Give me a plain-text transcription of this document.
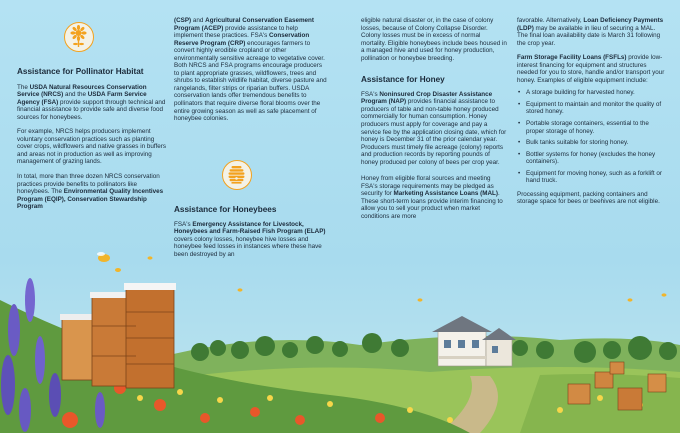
Assistance for Pollinator Habitat

The USDA Natural Resources Conservation Service (NRCS) and the USDA Farm Service Agency (FSA) provide support through technical and financial assistance to provide safe and diverse food sources for honeybees.

For example, NRCS helps producers implement voluntary conservation practices such as planting cover crops, wildflowers and native grasses in buffers and areas not in production as well as improving management of grazing lands.

In total, more than three dozen NRCS conservation practices provide benefits to pollinators like honeybees. The Environmental Quality Incentives Program (EQIP), Conservation Stewardship Program

(CSP) and Agricultural Conservation Easement Program (ACEP) provide assistance to help implement these practices. FSA's Conservation Reserve Program (CRP) encourages farmers to convert highly erodible cropland or other environmentally sensitive acreage to vegetative cover. Both NRCS and FSA programs encourage producers to plant appropriate grasses, wildflowers, trees and shrubs to establish wildlife habitat, diverse pasture and rangelands, filter strips or riparian buffers. USDA conservation lands offer tremendous benefits to pollinators that require diverse floral blooms over the entire growing season as well as safe placement of honeybee colonies.

Assistance for Honeybees

FSA's Emergency Assistance for Livestock, Honeybees and Farm-Raised Fish Program (ELAP) covers colony losses, honeybee hive losses and honeybee feed losses in instances where these have been destroyed by an

eligible natural disaster or, in the case of colony losses, because of Colony Collapse Disorder. Colony losses must be in excess of normal mortality. Eligible honeybees include bees housed in a managed hive and used for honey production, pollination or honeybee breeding.

Assistance for Honey

FSA's Noninsured Crop Disaster Assistance Program (NAP) provides financial assistance to producers of table and non-table honey produced commercially for human consumption. Honey producers must apply for coverage and pay a service fee by the application closing date, which for honey is December 31 of the prior calendar year. Producers must timely file acreage (colony) reports and production records by reporting pounds of honey produced per colony of bees per crop year.

Honey from eligible floral sources and meeting FSA's storage requirements may be pledged as security for Marketing Assistance Loans (MAL). These short-term loans provide interim financing to allow you to sell your product when market conditions are more

favorable. Alternatively, Loan Deficiency Payments (LDP) may be available in lieu of securing a MAL. The final loan availability date is March 31 following the crop year.

Farm Storage Facility Loans (FSFLs) provide low-interest financing for equipment and structures needed for you to store, handle and/or transport your honey. Examples of eligible equipment include:

• A storage building for harvested honey.
• Equipment to maintain and monitor the quality of stored honey.
• Portable storage containers, essential to the proper storage of honey.
• Bulk tanks suitable for storing honey.
• Bottler systems for honey (excludes the honey containers).
• Equipment for moving honey, such as a forklift or hand truck.

Processing equipment, packing containers and storage space for bees or beehives are not eligible.
